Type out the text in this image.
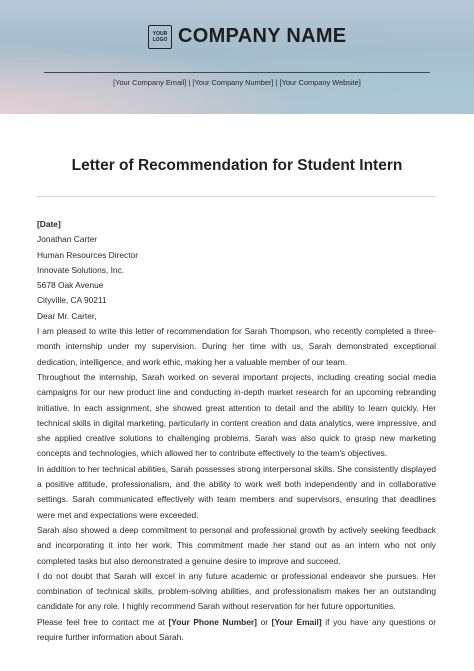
YOUR
LOGO COMPANY NAME
[Your Company Email] | [Your Company Number] | [Your Company Website]
Letter of Recommendation for Student Intern

[Date]

Jonathan Carter

Human Resources Director

Innovate Solutions, Inc.

5678 Oak Avenue

Cityville, CA 90211

Dear Mr. Carter,

I am pleased to write this letter of recommendation for Sarah Thompson, who recently completed a three-month internship under my supervision. During her time with us, Sarah demonstrated exceptional dedication, intelligence, and work ethic, making her a valuable member of our team.

Throughout the internship, Sarah worked on several important projects, including creating social media campaigns for our new product line and conducting in-depth market research for an upcoming rebranding initiative. In each assignment, she showed great attention to detail and the ability to learn quickly. Her technical skills in digital marketing, particularly in content creation and data analytics, were impressive, and she applied creative solutions to challenging problems. Sarah was also quick to grasp new marketing concepts and technologies, which allowed her to contribute effectively to the team's objectives.

In addition to her technical abilities, Sarah possesses strong interpersonal skills. She consistently displayed a positive attitude, professionalism, and the ability to work well both independently and in collaborative settings. Sarah communicated effectively with team members and supervisors, ensuring that deadlines were met and expectations were exceeded.

Sarah also showed a deep commitment to personal and professional growth by actively seeking feedback and incorporating it into her work. This commitment made her stand out as an intern who not only completed tasks but also demonstrated a genuine desire to improve and succeed.

I do not doubt that Sarah will excel in any future academic or professional endeavor she pursues. Her combination of technical skills, problem-solving abilities, and professionalism makes her an outstanding candidate for any role. I highly recommend Sarah without reservation for her future opportunities.

Please feel free to contact me at [Your Phone Number] or [Your Email] if you have any questions or require further information about Sarah.
